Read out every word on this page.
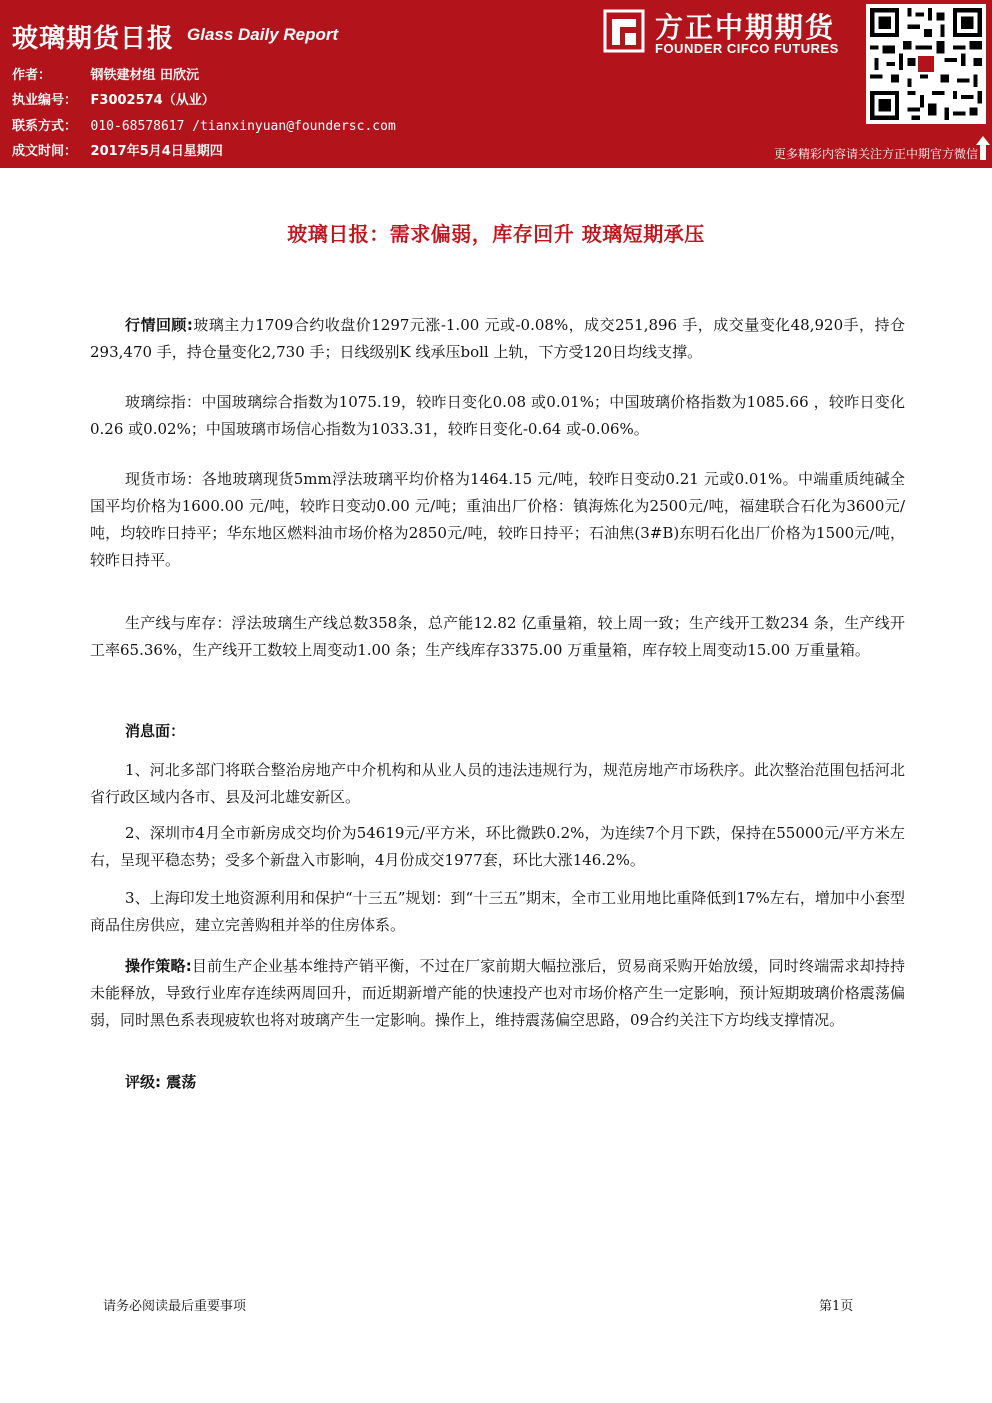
玻璃期货日报 Glass Daily Report
作者：	钢铁建材组 田欣沅
执业编号： F3002574（从业）
联系方式： 010-68578617 /tianxinyuan@foundersc.com
成文时间： 2017年5月4日星期四
方正中期期货
FOUNDER CIFCO FUTURES
更多精彩内容请关注方正中期官方微信
玻璃日报：需求偏弱，库存回升 玻璃短期承压

行情回顾:玻璃主力1709合约收盘价1297元涨-1.00 元或-0.08%，成交251,896 手，成交量变化48,920手，持仓293,470 手，持仓量变化2,730 手；日线级别K 线承压boll 上轨，下方受120日均线支撑。

玻璃综指：中国玻璃综合指数为1075.19，较昨日变化0.08 或0.01%；中国玻璃价格指数为1085.66 ，较昨日变化0.26 或0.02%；中国玻璃市场信心指数为1033.31，较昨日变化-0.64 或-0.06%。

现货市场：各地玻璃现货5mm浮法玻璃平均价格为1464.15 元/吨，较昨日变动0.21 元或0.01%。中端重质纯碱全国平均价格为1600.00 元/吨，较昨日变动0.00 元/吨；重油出厂价格：镇海炼化为2500元/吨，福建联合石化为3600元/吨，均较昨日持平；华东地区燃料油市场价格为2850元/吨，较昨日持平；石油焦(3#B)东明石化出厂价格为1500元/吨，较昨日持平。

生产线与库存：浮法玻璃生产线总数358条，总产能12.82 亿重量箱，较上周一致；生产线开工数234 条，生产线开工率65.36%，生产线开工数较上周变动1.00 条；生产线库存3375.00 万重量箱，库存较上周变动15.00 万重量箱。

消息面：

1、河北多部门将联合整治房地产中介机构和从业人员的违法违规行为，规范房地产市场秩序。此次整治范围包括河北省行政区域内各市、县及河北雄安新区。

2、深圳市4月全市新房成交均价为54619元/平方米，环比微跌0.2%，为连续7个月下跌，保持在55000元/平方米左右，呈现平稳态势；受多个新盘入市影响，4月份成交1977套，环比大涨146.2%。

3、上海印发土地资源利用和保护“十三五”规划：到“十三五”期末，全市工业用地比重降低到17%左右，增加中小套型商品住房供应，建立完善购租并举的住房体系。

操作策略:目前生产企业基本维持产销平衡，不过在厂家前期大幅拉涨后，贸易商采购开始放缓，同时终端需求却持持未能释放，导致行业库存连续两周回升，而近期新增产能的快速投产也对市场价格产生一定影响，预计短期玻璃价格震荡偏弱，同时黑色系表现疲软也将对玻璃产生一定影响。操作上，维持震荡偏空思路，09合约关注下方均线支撑情况。

评级: 震荡
请务必阅读最后重要事项	第1页
